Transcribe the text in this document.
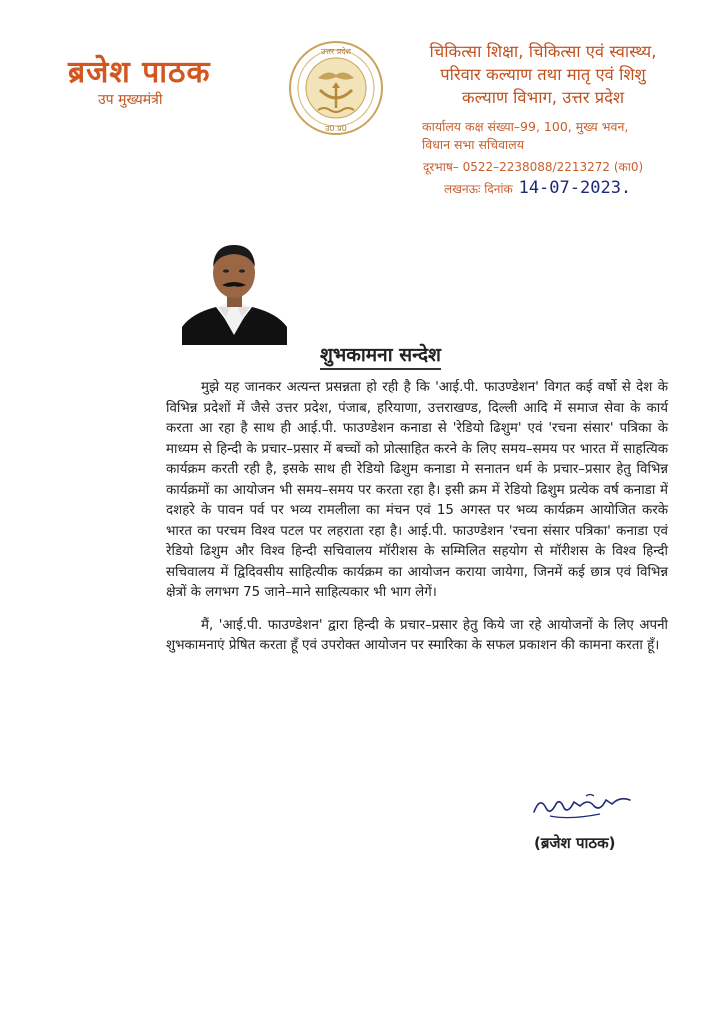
ब्रजेश पाठक
उप मुख्यमंत्री
उत्तर प्रदेश
उ0 प्र0
चिकित्सा शिक्षा, चिकित्सा एवं स्वास्थ्य,
परिवार कल्याण तथा मातृ एवं शिशु
कल्याण विभाग, उत्तर प्रदेश
कार्यालय कक्ष संख्या–99, 100, मुख्य भवन,
विधान सभा सचिवालय
दूरभाष– 0522–2238088/2213272 (का0)
लखनऊः दिनांक 14-07-2023.
शुभकामना सन्देश

मुझे यह जानकर अत्यन्त प्रसन्नता हो रही है कि 'आई.पी. फाउण्डेशन' विगत कई वर्षो से देश के विभिन्न प्रदेशों में जैसे उत्तर प्रदेश, पंजाब, हरियाणा, उत्तराखण्ड, दिल्ली आदि में समाज सेवा के कार्य करता आ रहा है साथ ही आई.पी. फाउण्डेशन कनाडा से 'रेडियो ढिशुम' एवं 'रचना संसार' पत्रिका के माध्यम से हिन्दी के प्रचार–प्रसार में बच्चों को प्रोत्साहित करने के लिए समय–समय पर भारत में साहत्यिक कार्यक्रम करती रही है, इसके साथ ही रेडियो ढिशुम कनाडा मे सनातन धर्म के प्रचार–प्रसार हेतु विभिन्न कार्यक्रमों का आयोजन भी समय–समय पर करता रहा है। इसी क्रम में रेडियो ढिशुम प्रत्येक वर्ष कनाडा में दशहरे के पावन पर्व पर भव्य रामलीला का मंचन एवं 15 अगस्त पर भव्य कार्यक्रम आयोजित करके भारत का परचम विश्व पटल पर लहराता रहा है। आई.पी. फाउण्डेशन 'रचना संसार पत्रिका' कनाडा एवं रेडियो ढिशुम और विश्व हिन्दी सचिवालय मॉरीशस के सम्मिलित सहयोग से मॉरीशस के विश्व हिन्दी सचिवालय में द्विदिवसीय साहित्यीक कार्यक्रम का आयोजन कराया जायेगा, जिनमें कई छात्र एवं विभिन्न क्षेत्रों के लगभग 75 जाने–माने साहित्यकार भी भाग लेगें।

मैं, 'आई.पी. फाउण्डेशन' द्वारा हिन्दी के प्रचार–प्रसार हेतु किये जा रहे आयोजनों के लिए अपनी शुभकामनाएं प्रेषित करता हूँ एवं उपरोक्त आयोजन पर स्मारिका के सफल प्रकाशन की कामना करता हूँ।

(ब्रजेश पाठक)
